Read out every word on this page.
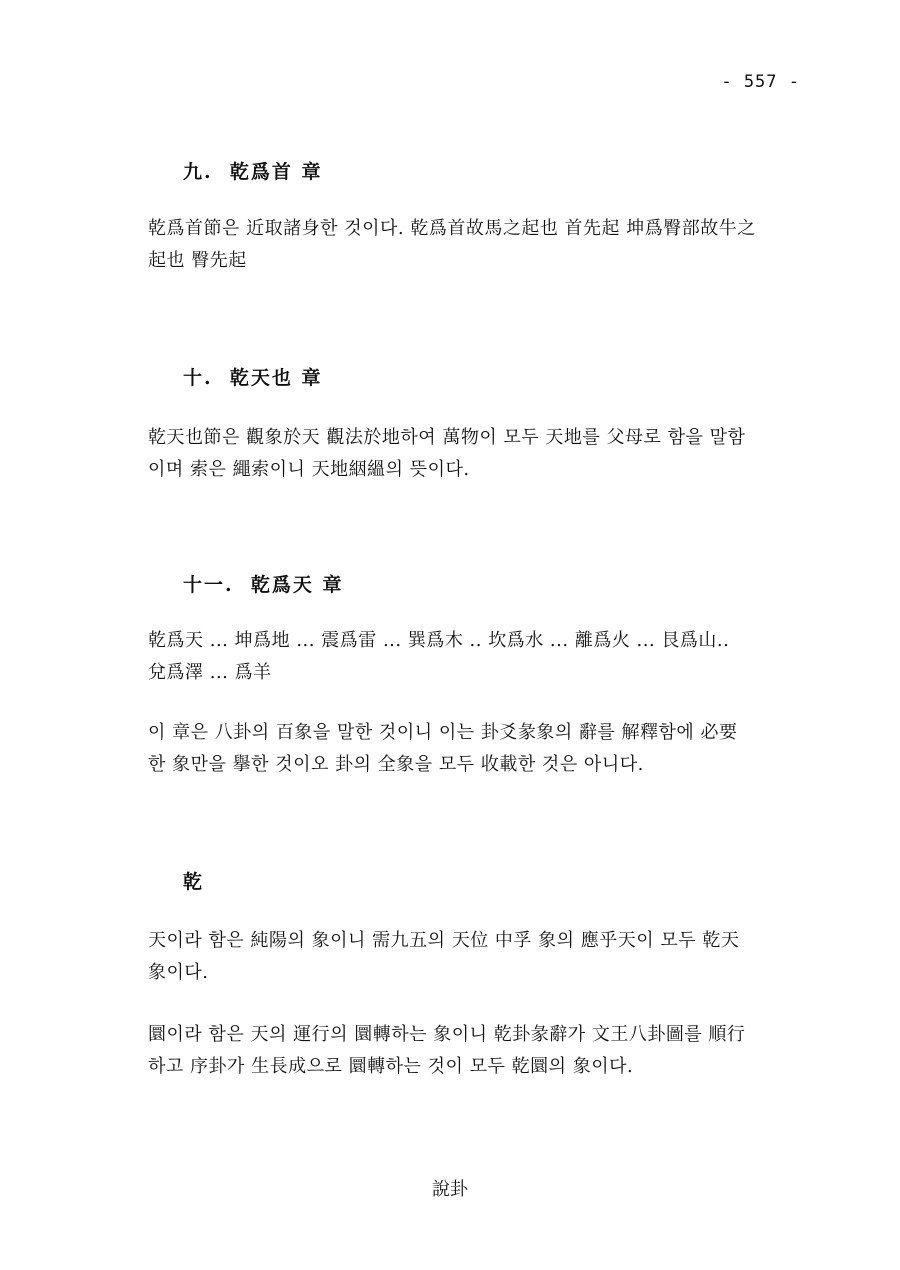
- 557 -
九.  乾爲首 章
乾爲首節은 近取諸身한 것이다. 乾爲首故馬之起也 首先起 坤爲臀部故牛之
起也 臀先起
十.  乾天也 章
乾天也節은 觀象於天 觀法於地하여 萬物이 모두 天地를 父母로 함을 말함
이며 索은 繩索이니 天地絪縕의 뜻이다.
十一.  乾爲天 章
乾爲天 ... 坤爲地 ... 震爲雷 ... 巽爲木 .. 坎爲水 ... 離爲火 ... 艮爲山..
兌爲澤 ... 爲羊
이 章은 八卦의 百象을 말한 것이니 이는 卦爻彖象의 辭를 解釋함에 必要
한 象만을 擧한 것이오 卦의 全象을 모두 收載한 것은 아니다.
乾
天이라 함은 純陽의 象이니 需九五의 天位 中孚 象의 應乎天이 모두 乾天
象이다.
圜이라 함은 天의 運行의 圜轉하는 象이니 乾卦彖辭가 文王八卦圖를 順行
하고 序卦가 生長成으로 圜轉하는 것이 모두 乾圜의 象이다.
說卦
